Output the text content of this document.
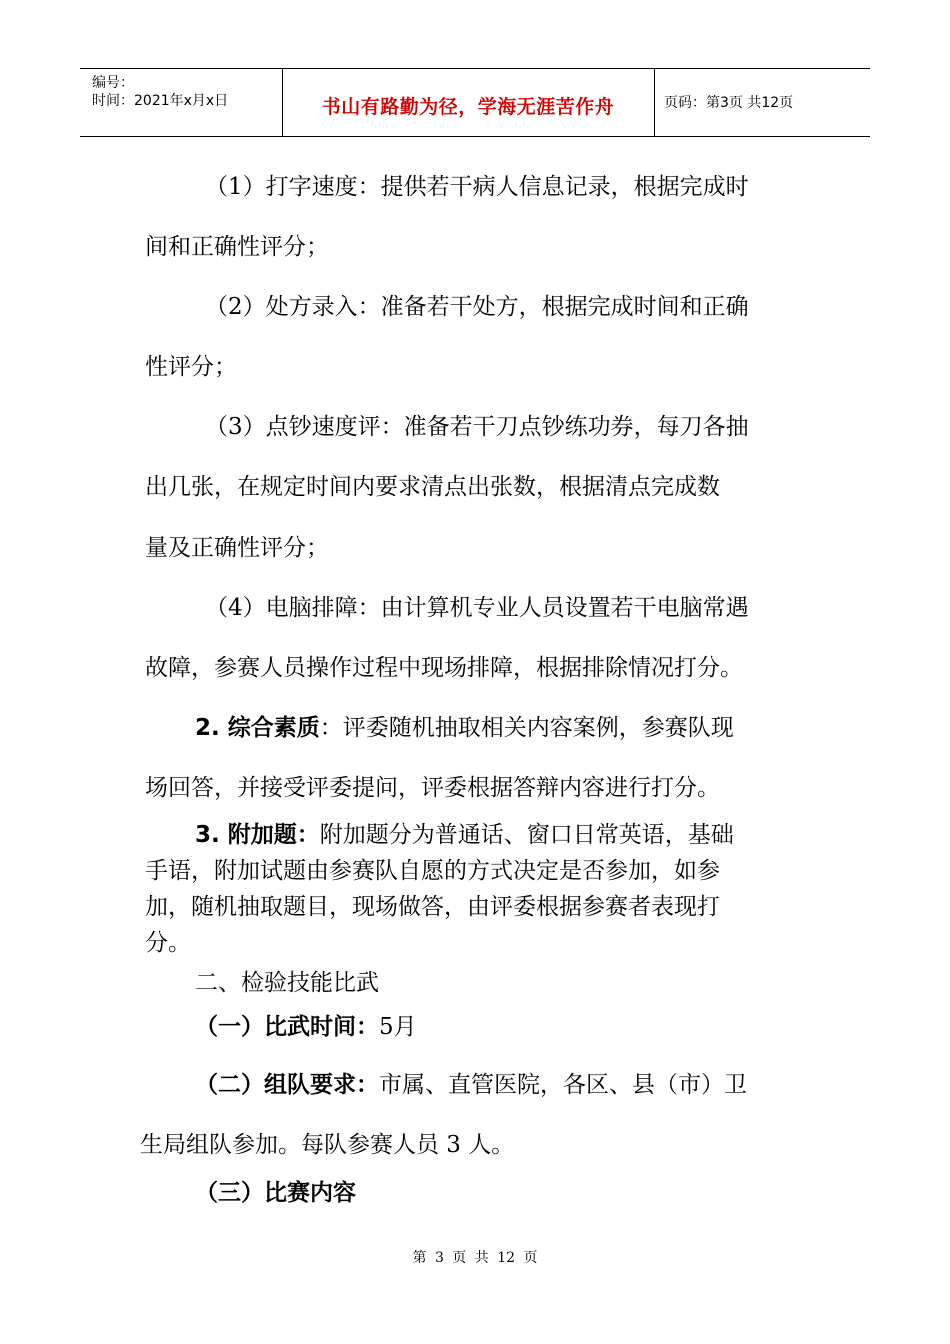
编号：
时间：2021年x月x日	书山有路勤为径，学海无涯苦作舟	页码：第3页 共12页
（1）打字速度：提供若干病人信息记录，根据完成时
间和正确性评分；
（2）处方录入：准备若干处方，根据完成时间和正确
性评分；
（3）点钞速度评：准备若干刀点钞练功券，每刀各抽
出几张，在规定时间内要求清点出张数，根据清点完成数
量及正确性评分；
（4）电脑排障：由计算机专业人员设置若干电脑常遇
故障，参赛人员操作过程中现场排障，根据排除情况打分。
2. 综合素质：评委随机抽取相关内容案例，参赛队现
场回答，并接受评委提问，评委根据答辩内容进行打分。
3. 附加题：附加题分为普通话、窗口日常英语，基础
手语，附加试题由参赛队自愿的方式决定是否参加，如参
加，随机抽取题目，现场做答，由评委根据参赛者表现打
分。
二、检验技能比武
（一）比武时间：5月
（二）组队要求：市属、直管医院，各区、县（市）卫
生局组队参加。每队参赛人员 3 人。
（三）比赛内容
第 3 页 共 12 页
